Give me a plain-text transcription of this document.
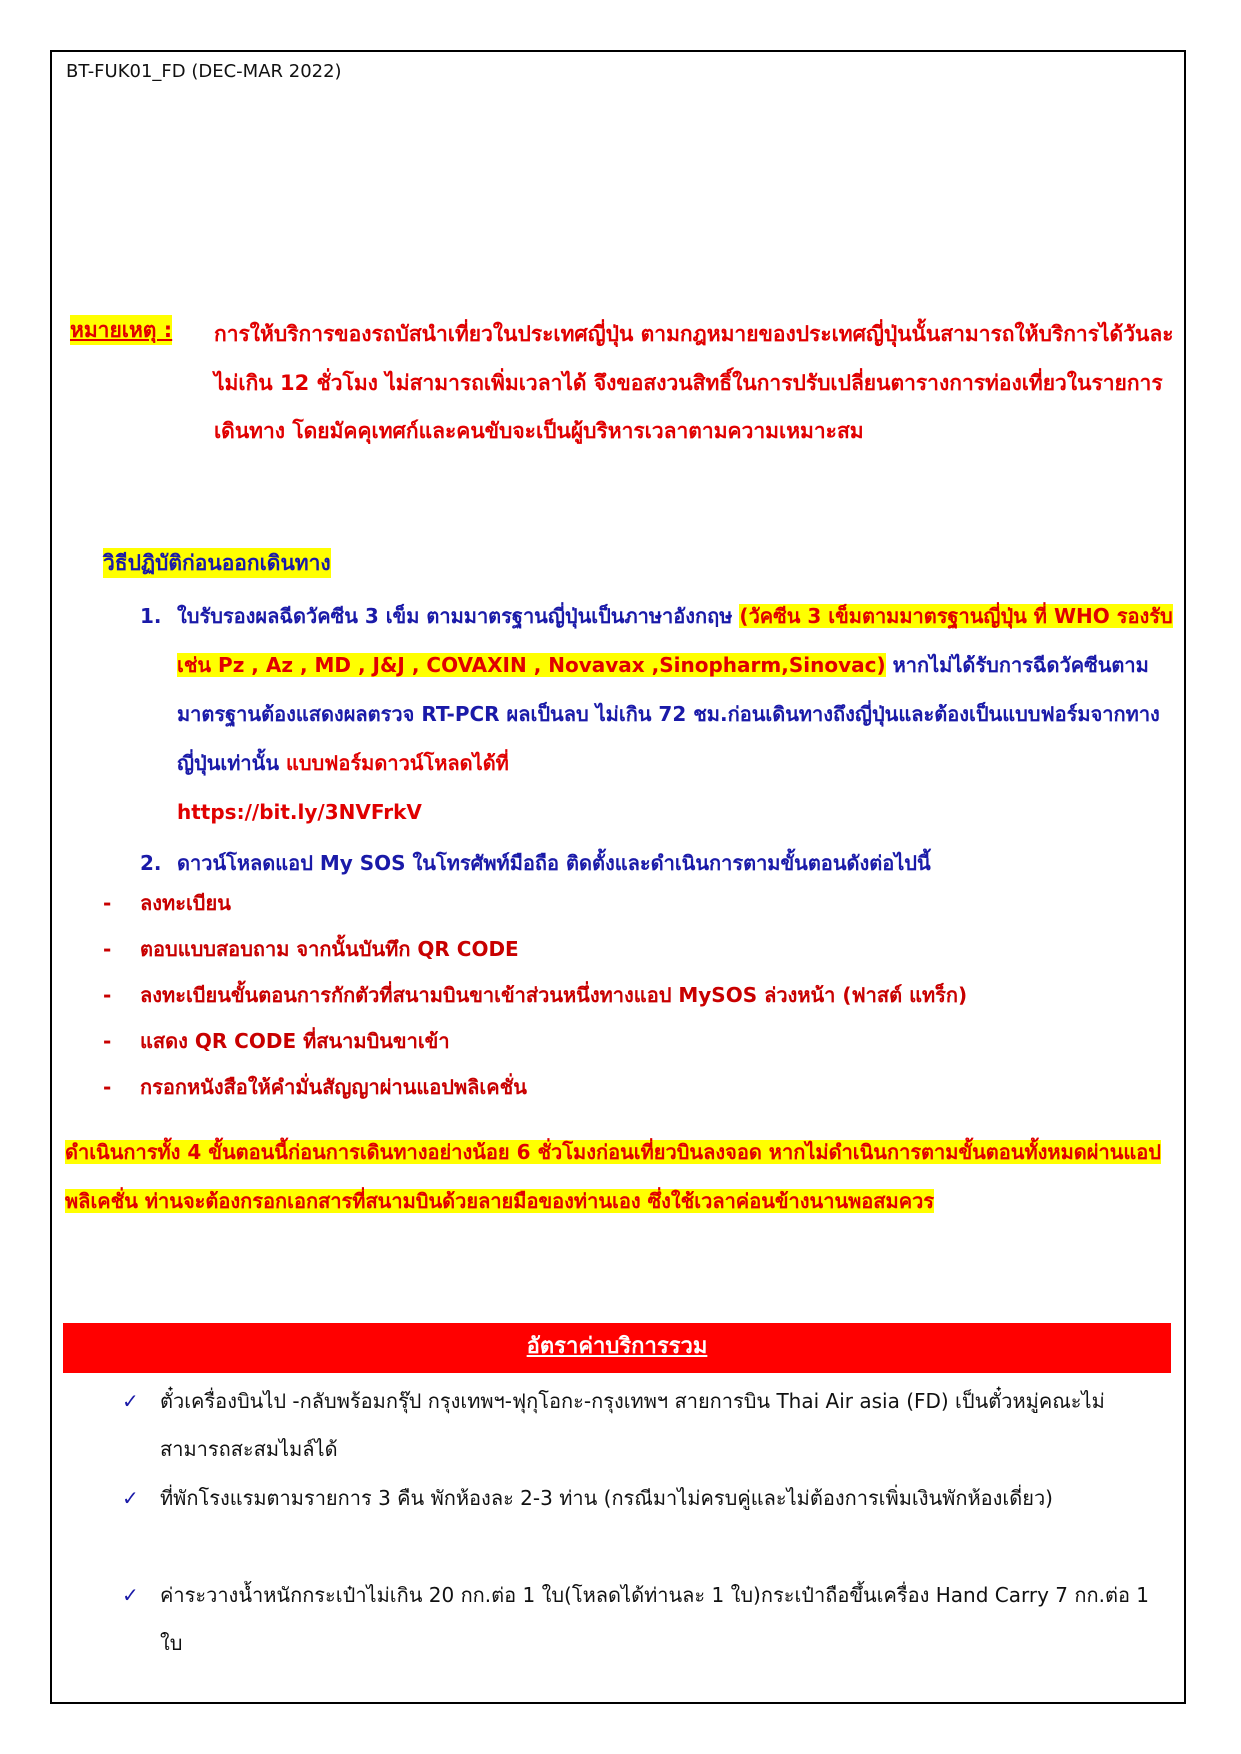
BT-FUK01_FD (DEC-MAR 2022)
หมายเหตุ : การให้บริการของรถบัสนำเที่ยวในประเทศญี่ปุ่น ตามกฎหมายของประเทศญี่ปุ่นนั้นสามารถให้บริการได้วันละไม่เกิน 12 ชั่วโมง ไม่สามารถเพิ่มเวลาได้ จึงขอสงวนสิทธิ์ในการปรับเปลี่ยนตารางการท่องเที่ยวในรายการเดินทาง โดยมัคคุเทศก์และคนขับจะเป็นผู้บริหารเวลาตามความเหมาะสม
วิธีปฏิบัติก่อนออกเดินทาง
1. ใบรับรองผลฉีดวัคซีน 3 เข็ม ตามมาตรฐานญี่ปุ่นเป็นภาษาอังกฤษ (วัคซีน 3 เข็มตามมาตรฐานญี่ปุ่น ที่ WHO รองรับ เช่น Pz , Az , MD , J&J , COVAXIN , Novavax ,Sinopharm,Sinovac) หากไม่ได้รับการฉีดวัคซีนตามมาตรฐานต้องแสดงผลตรวจ RT-PCR ผลเป็นลบ ไม่เกิน 72 ชม.ก่อนเดินทางถึงญี่ปุ่นและต้องเป็นแบบฟอร์มจากทางญี่ปุ่นเท่านั้น แบบฟอร์มดาวน์โหลดได้ที่
https://bit.ly/3NVFrkV
2. ดาวน์โหลดแอป My SOS ในโทรศัพท์มือถือ ติดตั้งและดำเนินการตามขั้นตอนดังต่อไปนี้
- ลงทะเบียน
- ตอบแบบสอบถาม จากนั้นบันทึก QR CODE
- ลงทะเบียนขั้นตอนการกักตัวที่สนามบินขาเข้าส่วนหนึ่งทางแอป MySOS ล่วงหน้า (ฟาสต์ แทร็ก)
- แสดง QR CODE ที่สนามบินขาเข้า
- กรอกหนังสือให้คำมั่นสัญญาผ่านแอปพลิเคชั่น
ดำเนินการทั้ง 4 ขั้นตอนนี้ก่อนการเดินทางอย่างน้อย 6 ชั่วโมงก่อนเที่ยวบินลงจอด หากไม่ดำเนินการตามขั้นตอนทั้งหมดผ่านแอปพลิเคชั่น ท่านจะต้องกรอกเอกสารที่สนามบินด้วยลายมือของท่านเอง ซึ่งใช้เวลาค่อนข้างนานพอสมควร
อัตราค่าบริการรวม
✓ ตั๋วเครื่องบินไป -กลับพร้อมกรุ๊ป กรุงเทพฯ-ฟุกุโอกะ-กรุงเทพฯ สายการบิน Thai Air asia (FD) เป็นตั๋วหมู่คณะไม่สามารถสะสมไมล์ได้
✓ ที่พักโรงแรมตามรายการ 3 คืน พักห้องละ 2-3 ท่าน (กรณีมาไม่ครบคู่และไม่ต้องการเพิ่มเงินพักห้องเดี่ยว)
✓ ค่าระวางน้ำหนักกระเป๋าไม่เกิน 20 กก.ต่อ 1 ใบ(โหลดได้ท่านละ 1 ใบ)กระเป๋าถือขึ้นเครื่อง Hand Carry 7 กก.ต่อ 1 ใบ
